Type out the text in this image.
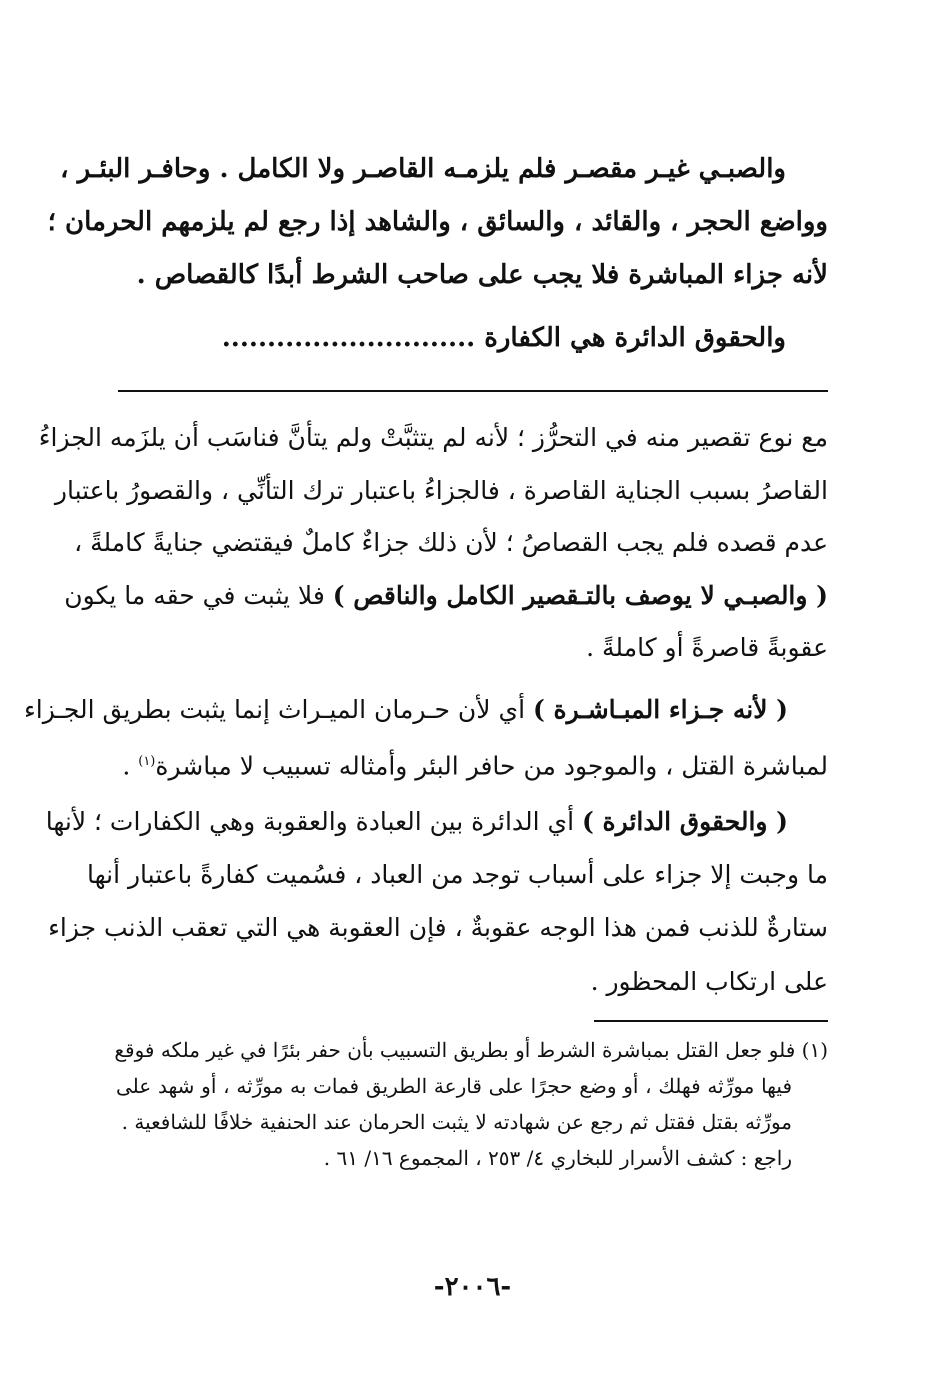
والصبـي غيـر مقصـر فلم يلزمـه القاصـر ولا الكامل . وحافـر البئـر ،
وواضع الحجر ، والقائد ، والسائق ، والشاهد إذا رجع لم يلزمهم الحرمان ؛
لأنه جزاء المباشرة فلا يجب على صاحب الشرط أبدًا كالقصاص .
والحقوق الدائرة هي الكفارة ............................
مع نوع تقصير منه في التحرُّز ؛ لأنه لم يتثبَّتْ ولم يتأنَّ فناسَب أن يلزَمه الجزاءُ
القاصرُ بسبب الجناية القاصرة ، فالجزاءُ باعتبار ترك التأنِّي ، والقصورُ باعتبار
عدم قصده فلم يجب القصاصُ ؛ لأن ذلك جزاءٌ كاملٌ فيقتضي جنايةً كاملةً ،
( والصبـي لا يوصف بالتـقصير الكامل والناقص ) فلا يثبت في حقه ما يكون
عقوبةً قاصرةً أو كاملةً .
( لأنه جـزاء المبـاشـرة ) أي لأن حـرمان الميـراث إنما يثبت بطريق الجـزاء
لمباشرة القتل ، والموجود من حافر البئر وأمثاله تسبيب لا مباشرة$^{(١)}$ .
( والحقوق الدائرة ) أي الدائرة بين العبادة والعقوبة وهي الكفارات ؛ لأنها
ما وجبت إلا جزاء على أسباب توجد من العباد ، فسُميت كفارةً باعتبار أنها
ستارةٌ للذنب فمن هذا الوجه عقوبةٌ ، فإن العقوبة هي التي تعقب الذنب جزاء
على ارتكاب المحظور .
(١) فلو جعل القتل بمباشرة الشرط أو بطريق التسبيب بأن حفر بئرًا في غير ملكه فوقع
فيها مورِّثه فهلك ، أو وضع حجرًا على قارعة الطريق فمات به مورِّثه ، أو شهد على
مورِّثه بقتل فقتل ثم رجع عن شهادته لا يثبت الحرمان عند الحنفية خلافًا للشافعية .
راجع : كشف الأسرار للبخاري ٤/ ٢٥٣ ، المجموع ١٦/ ٦١ .
-٢٠٠٦-
